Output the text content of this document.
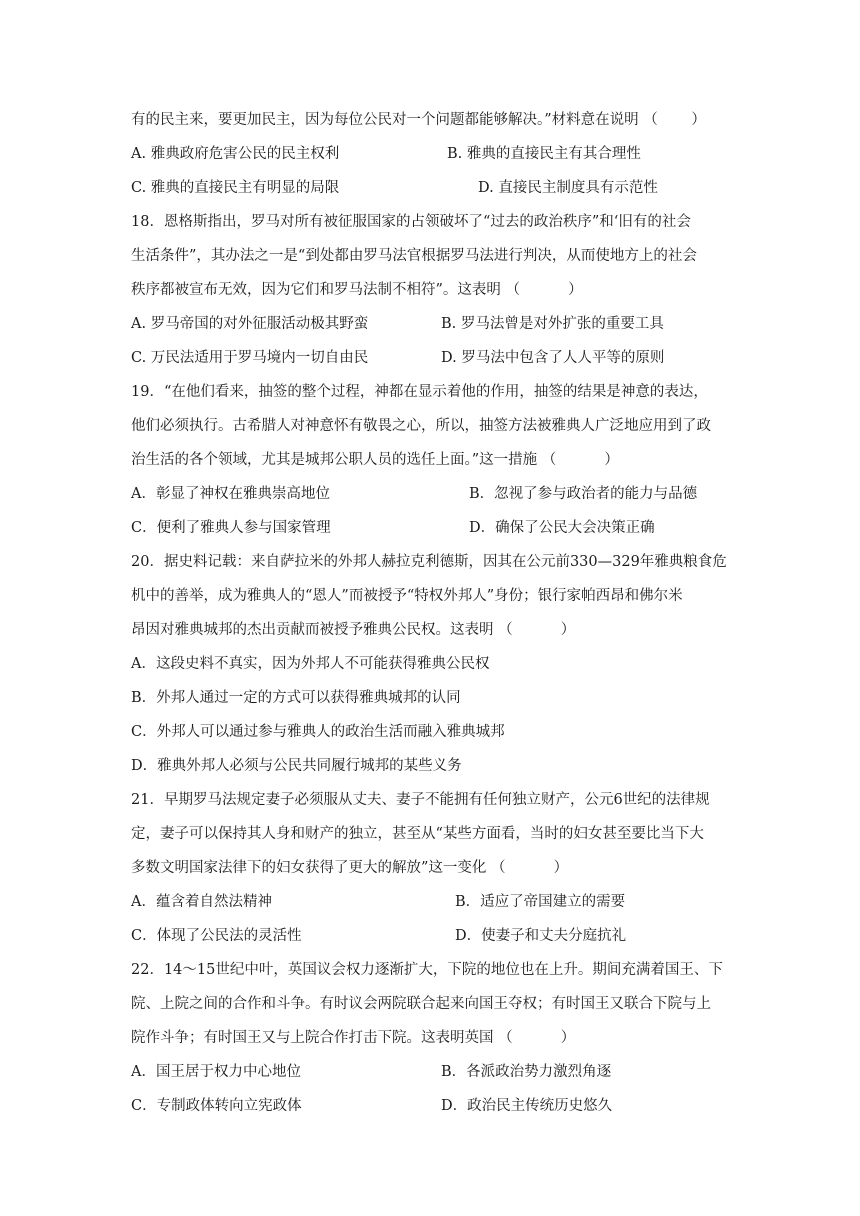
有的民主来，要更加民主，因为每位公民对一个问题都能够解决。”材料意在说明 （　　 ）
A. 雅典政府危害公民的民主权利	B. 雅典的直接民主有其合理性
C. 雅典的直接民主有明显的局限	D. 直接民主制度具有示范性
18．恩格斯指出，罗马对所有被征服国家的占领破坏了“过去的政治秩序”和‘旧有的社会
生活条件”，其办法之一是“到处都由罗马法官根据罗马法进行判决，从而使地方上的社会
秩序都被宣布无效，因为它们和罗马法制不相符”。这表明 （　　　 ）
A. 罗马帝国的对外征服活动极其野蛮	B. 罗马法曾是对外扩张的重要工具
C. 万民法适用于罗马境内一切自由民	D. 罗马法中包含了人人平等的原则
19．“在他们看来，抽签的整个过程，神都在显示着他的作用，抽签的结果是神意的表达，
他们必须执行。古希腊人对神意怀有敬畏之心，所以，抽签方法被雅典人广泛地应用到了政
治生活的各个领域，尤其是城邦公职人员的选任上面。”这一措施 （　　　 ）
A．彰显了神权在雅典崇高地位	B．忽视了参与政治者的能力与品德
C．便利了雅典人参与国家管理	D．确保了公民大会决策正确
20．据史料记载：来自萨拉米的外邦人赫拉克利德斯，因其在公元前330—329年雅典粮食危
机中的善举，成为雅典人的“恩人”而被授予“特权外邦人”身份；银行家帕西昂和佛尔米
昂因对雅典城邦的杰出贡献而被授予雅典公民权。这表明 （　　　 ）
A．这段史料不真实，因为外邦人不可能获得雅典公民权
B．外邦人通过一定的方式可以获得雅典城邦的认同
C．外邦人可以通过参与雅典人的政治生活而融入雅典城邦
D．雅典外邦人必须与公民共同履行城邦的某些义务
21．早期罗马法规定妻子必须服从丈夫、妻子不能拥有任何独立财产，公元6世纪的法律规
定，妻子可以保持其人身和财产的独立，甚至从“某些方面看，当时的妇女甚至要比当下大
多数文明国家法律下的妇女获得了更大的解放”这一变化 （　　　 ）
A．蕴含着自然法精神	B．适应了帝国建立的需要
C．体现了公民法的灵活性	D．使妻子和丈夫分庭抗礼
22．14～15世纪中叶，英国议会权力逐渐扩大，下院的地位也在上升。期间充满着国王、下
院、上院之间的合作和斗争。有时议会两院联合起来向国王夺权；有时国王又联合下院与上
院作斗争；有时国王又与上院合作打击下院。这表明英国 （　　　 ）
A．国王居于权力中心地位	B．各派政治势力激烈角逐
C．专制政体转向立宪政体	D．政治民主传统历史悠久
